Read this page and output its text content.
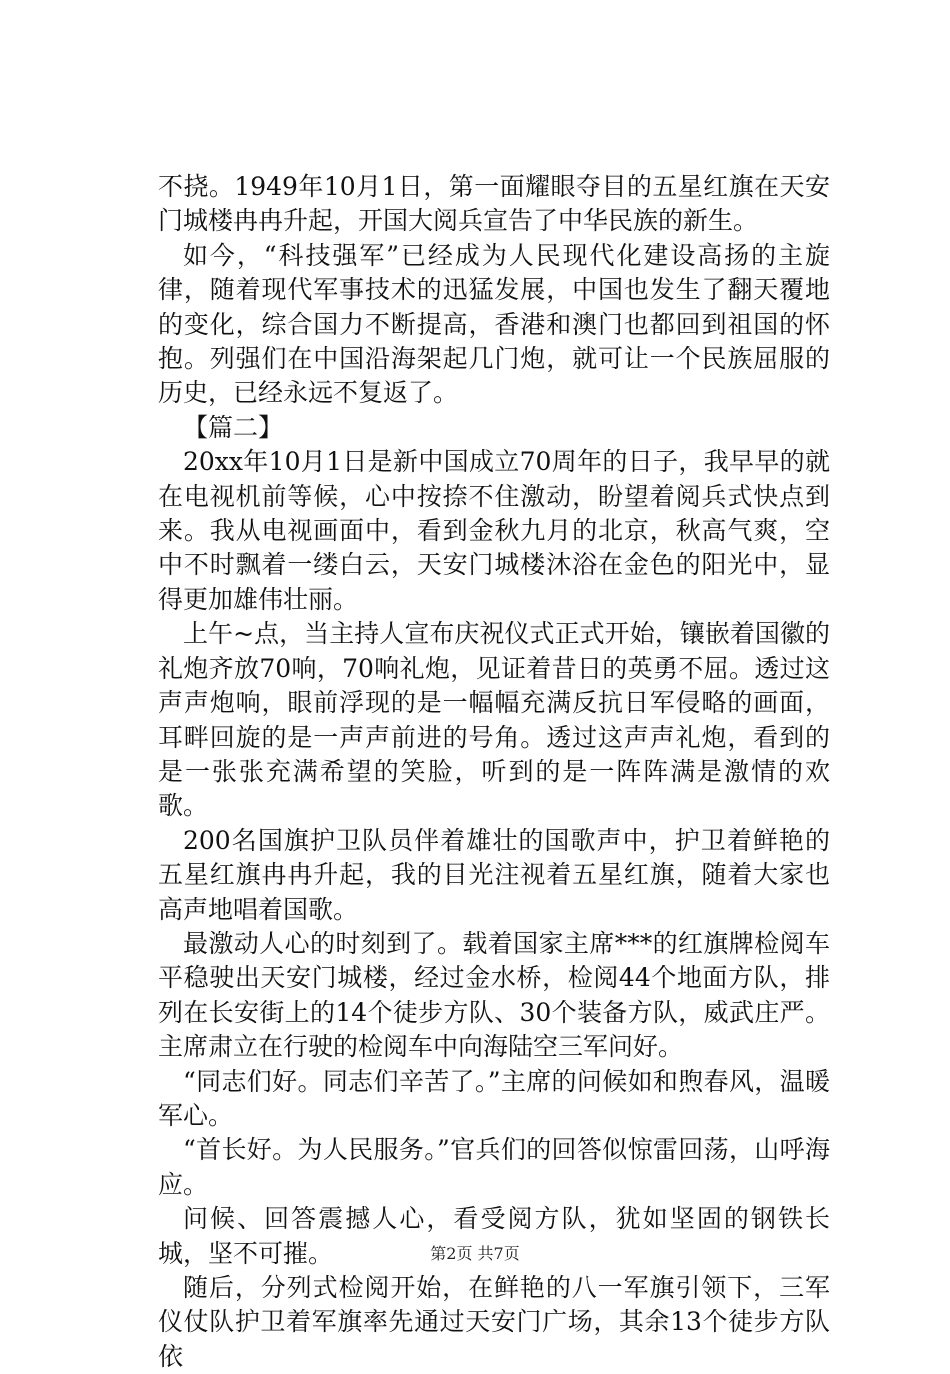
不挠。1949年10月1日，第一面耀眼夺目的五星红旗在天安门城楼冉冉升起，开国大阅兵宣告了中华民族的新生。

如今，“科技强军”已经成为人民现代化建设高扬的主旋律，随着现代军事技术的迅猛发展，中国也发生了翻天覆地的变化，综合国力不断提高，香港和澳门也都回到祖国的怀抱。列强们在中国沿海架起几门炮，就可让一个民族屈服的历史，已经永远不复返了。

【篇二】

20xx年10月1日是新中国成立70周年的日子，我早早的就在电视机前等候，心中按捺不住激动，盼望着阅兵式快点到来。我从电视画面中，看到金秋九月的北京，秋高气爽，空中不时飘着一缕白云，天安门城楼沐浴在金色的阳光中，显得更加雄伟壮丽。

上午~点，当主持人宣布庆祝仪式正式开始，镶嵌着国徽的礼炮齐放70响，70响礼炮，见证着昔日的英勇不屈。透过这声声炮响，眼前浮现的是一幅幅充满反抗日军侵略的画面，耳畔回旋的是一声声前进的号角。透过这声声礼炮，看到的是一张张充满希望的笑脸，听到的是一阵阵满是激情的欢歌。

200名国旗护卫队员伴着雄壮的国歌声中，护卫着鲜艳的五星红旗冉冉升起，我的目光注视着五星红旗，随着大家也高声地唱着国歌。

最激动人心的时刻到了。载着国家主席***的红旗牌检阅车平稳驶出天安门城楼，经过金水桥，检阅44个地面方队，排列在长安街上的14个徒步方队、30个装备方队，威武庄严。主席肃立在行驶的检阅车中向海陆空三军问好。

“同志们好。同志们辛苦了。”主席的问候如和煦春风，温暖军心。

“首长好。为人民服务。”官兵们的回答似惊雷回荡，山呼海应。

问候、回答震撼人心，看受阅方队，犹如坚固的钢铁长城，坚不可摧。

随后，分列式检阅开始，在鲜艳的八一军旗引领下，三军仪仗队护卫着军旗率先通过天安门广场，其余13个徒步方队依

第2页 共7页
